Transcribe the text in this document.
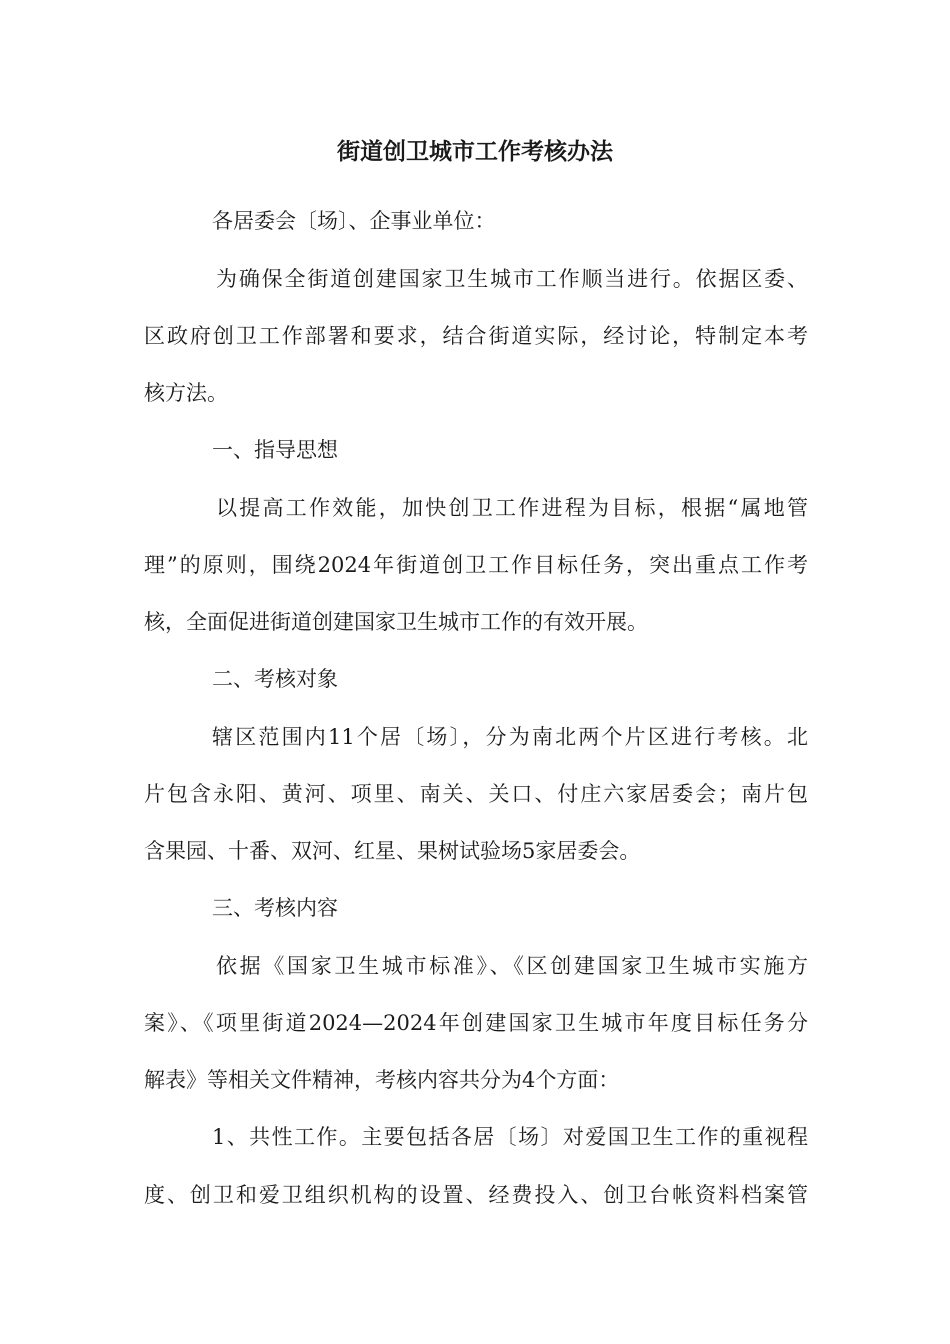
街道创卫城市工作考核办法

各居委会〔场〕、企事业单位：

为确保全街道创建国家卫生城市工作顺当进行。依据区委、

区政府创卫工作部署和要求，结合街道实际，经讨论，特制定本考

核方法。

一、指导思想

以提高工作效能，加快创卫工作进程为目标，根据“属地管

理”的原则，围绕2024年街道创卫工作目标任务，突出重点工作考

核，全面促进街道创建国家卫生城市工作的有效开展。

二、考核对象

辖区范围内11个居〔场〕，分为南北两个片区进行考核。北

片包含永阳、黄河、项里、南关、关口、付庄六家居委会；南片包

含果园、十番、双河、红星、果树试验场5家居委会。

三、考核内容

依据《国家卫生城市标准》、《区创建国家卫生城市实施方

案》、《项里街道2024—2024年创建国家卫生城市年度目标任务分

解表》等相关文件精神，考核内容共分为4个方面：

1、共性工作。主要包括各居〔场〕对爱国卫生工作的重视程

度、创卫和爱卫组织机构的设置、经费投入、创卫台帐资料档案管
